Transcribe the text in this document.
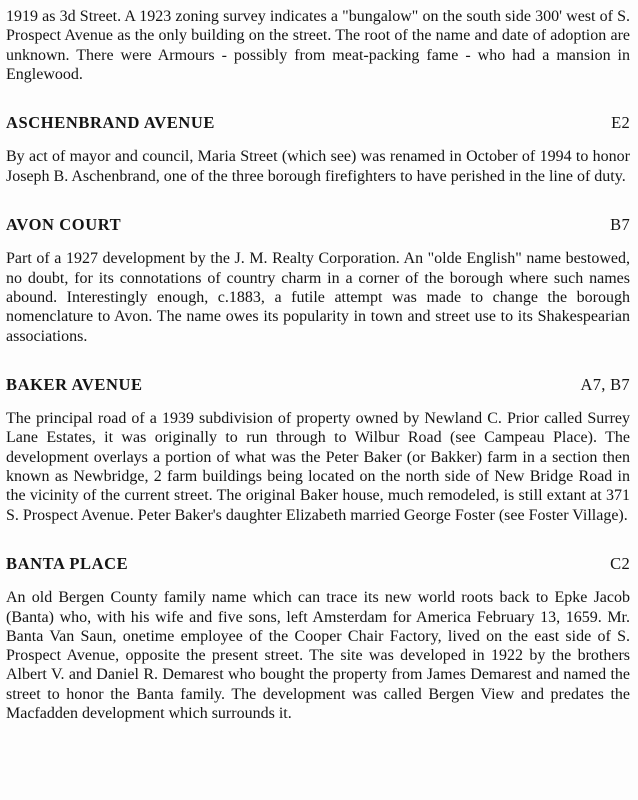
1919 as 3d Street. A 1923 zoning survey indicates a "bungalow" on the south side 300' west of S. Prospect Avenue as the only building on the street. The root of the name and date of adoption are unknown. There were Armours - possibly from meat-packing fame - who had a mansion in Englewood.

ASCHENBRAND AVENUE	E2

By act of mayor and council, Maria Street (which see) was renamed in October of 1994 to honor Joseph B. Aschenbrand, one of the three borough firefighters to have perished in the line of duty.

AVON COURT	B7

Part of a 1927 development by the J. M. Realty Corporation. An "olde English" name bestowed, no doubt, for its connotations of country charm in a corner of the borough where such names abound. Interestingly enough, c.1883, a futile attempt was made to change the borough nomenclature to Avon. The name owes its popularity in town and street use to its Shakespearian associations.

BAKER AVENUE	A7, B7

The principal road of a 1939 subdivision of property owned by Newland C. Prior called Surrey Lane Estates, it was originally to run through to Wilbur Road (see Campeau Place). The development overlays a portion of what was the Peter Baker (or Bakker) farm in a section then known as Newbridge, 2 farm buildings being located on the north side of New Bridge Road in the vicinity of the current street. The original Baker house, much remodeled, is still extant at 371 S. Prospect Avenue. Peter Baker's daughter Elizabeth married George Foster (see Foster Village).

BANTA PLACE	C2

An old Bergen County family name which can trace its new world roots back to Epke Jacob (Banta) who, with his wife and five sons, left Amsterdam for America February 13, 1659. Mr. Banta Van Saun, onetime employee of the Cooper Chair Factory, lived on the east side of S. Prospect Avenue, opposite the present street. The site was developed in 1922 by the brothers Albert V. and Daniel R. Demarest who bought the property from James Demarest and named the street to honor the Banta family. The development was called Bergen View and predates the Macfadden development which surrounds it.
